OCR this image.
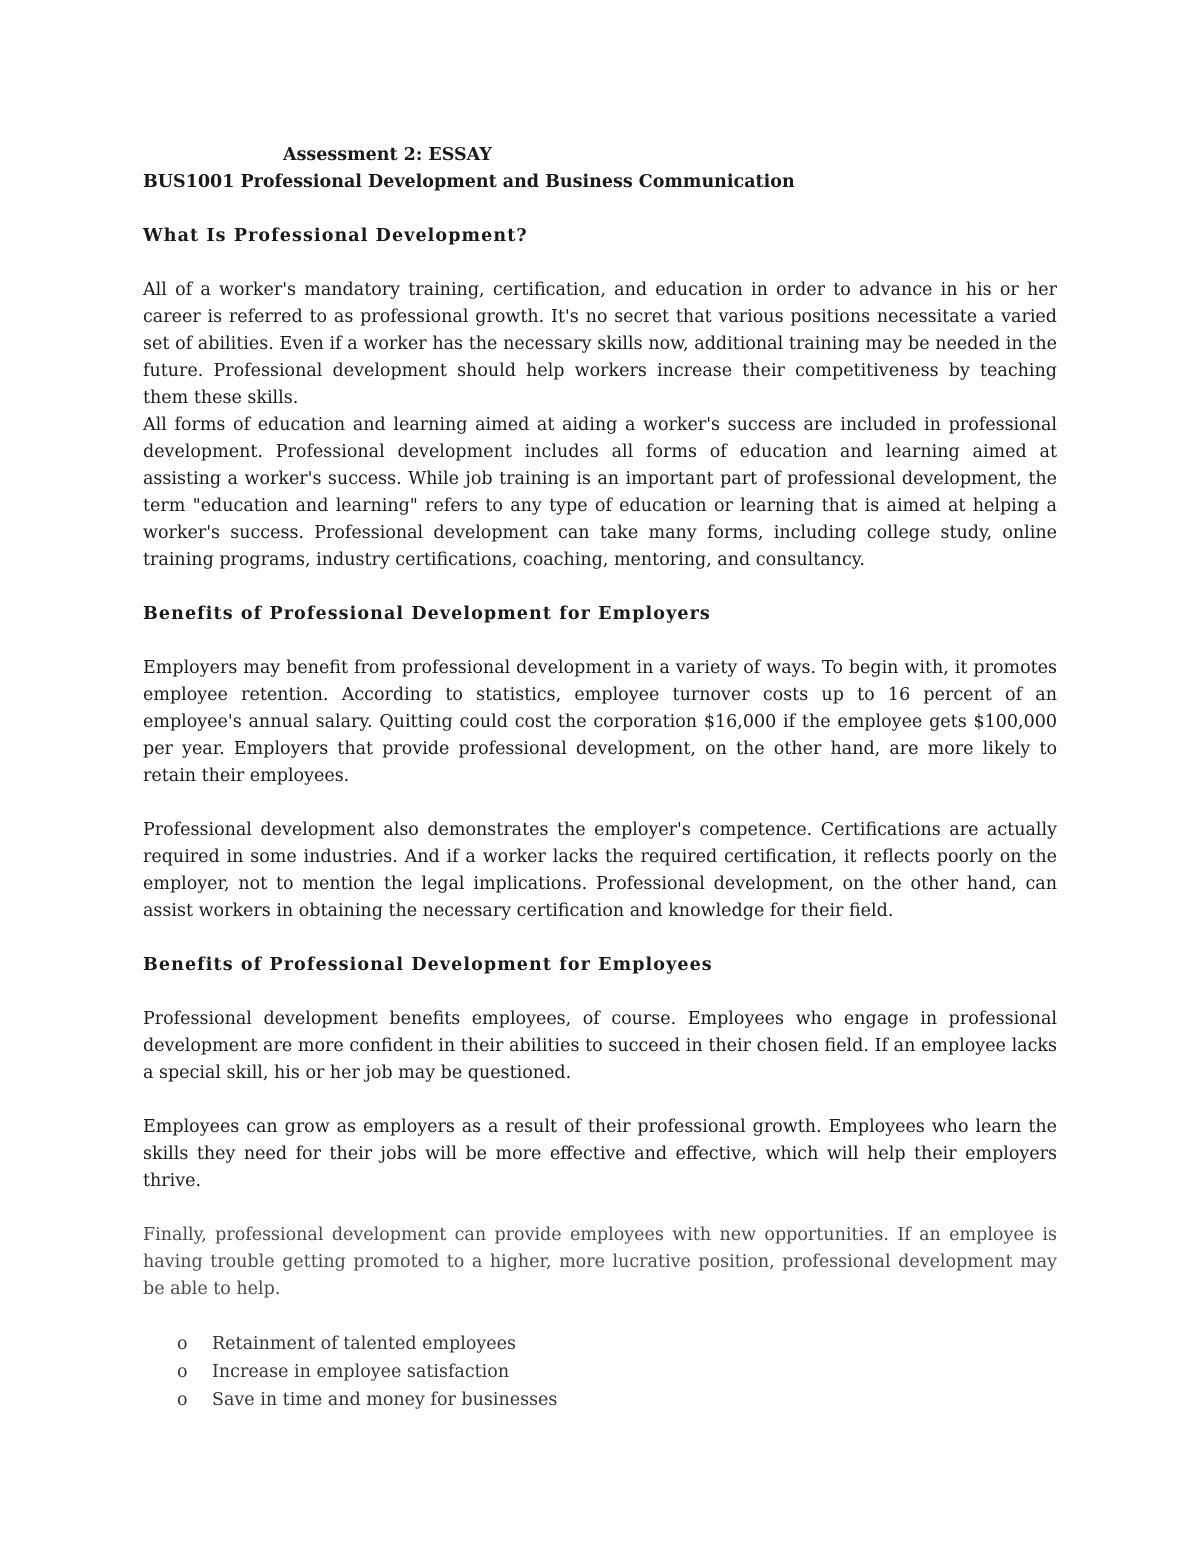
Assessment 2: ESSAY
BUS1001 Professional Development and Business Communication
What Is Professional Development?

All of a worker's mandatory training, certification, and education in order to advance in his or her career is referred to as professional growth. It's no secret that various positions necessitate a varied set of abilities. Even if a worker has the necessary skills now, additional training may be needed in the future. Professional development should help workers increase their competitiveness by teaching them these skills.

All forms of education and learning aimed at aiding a worker's success are included in professional development. Professional development includes all forms of education and learning aimed at assisting a worker's success. While job training is an important part of professional development, the term "education and learning" refers to any type of education or learning that is aimed at helping a worker's success. Professional development can take many forms, including college study, online training programs, industry certifications, coaching, mentoring, and consultancy.

Benefits of Professional Development for Employers

Employers may benefit from professional development in a variety of ways. To begin with, it promotes employee retention. According to statistics, employee turnover costs up to 16 percent of an employee's annual salary. Quitting could cost the corporation $16,000 if the employee gets $100,000 per year. Employers that provide professional development, on the other hand, are more likely to retain their employees.

Professional development also demonstrates the employer's competence. Certifications are actually required in some industries. And if a worker lacks the required certification, it reflects poorly on the employer, not to mention the legal implications. Professional development, on the other hand, can assist workers in obtaining the necessary certification and knowledge for their field.

Benefits of Professional Development for Employees

Professional development benefits employees, of course. Employees who engage in professional development are more confident in their abilities to succeed in their chosen field. If an employee lacks a special skill, his or her job may be questioned.

Employees can grow as employers as a result of their professional growth. Employees who learn the skills they need for their jobs will be more effective and effective, which will help their employers thrive.

Finally, professional development can provide employees with new opportunities. If an employee is having trouble getting promoted to a higher, more lucrative position, professional development may be able to help.

o Retainment of talented employees
o Increase in employee satisfaction
o Save in time and money for businesses
